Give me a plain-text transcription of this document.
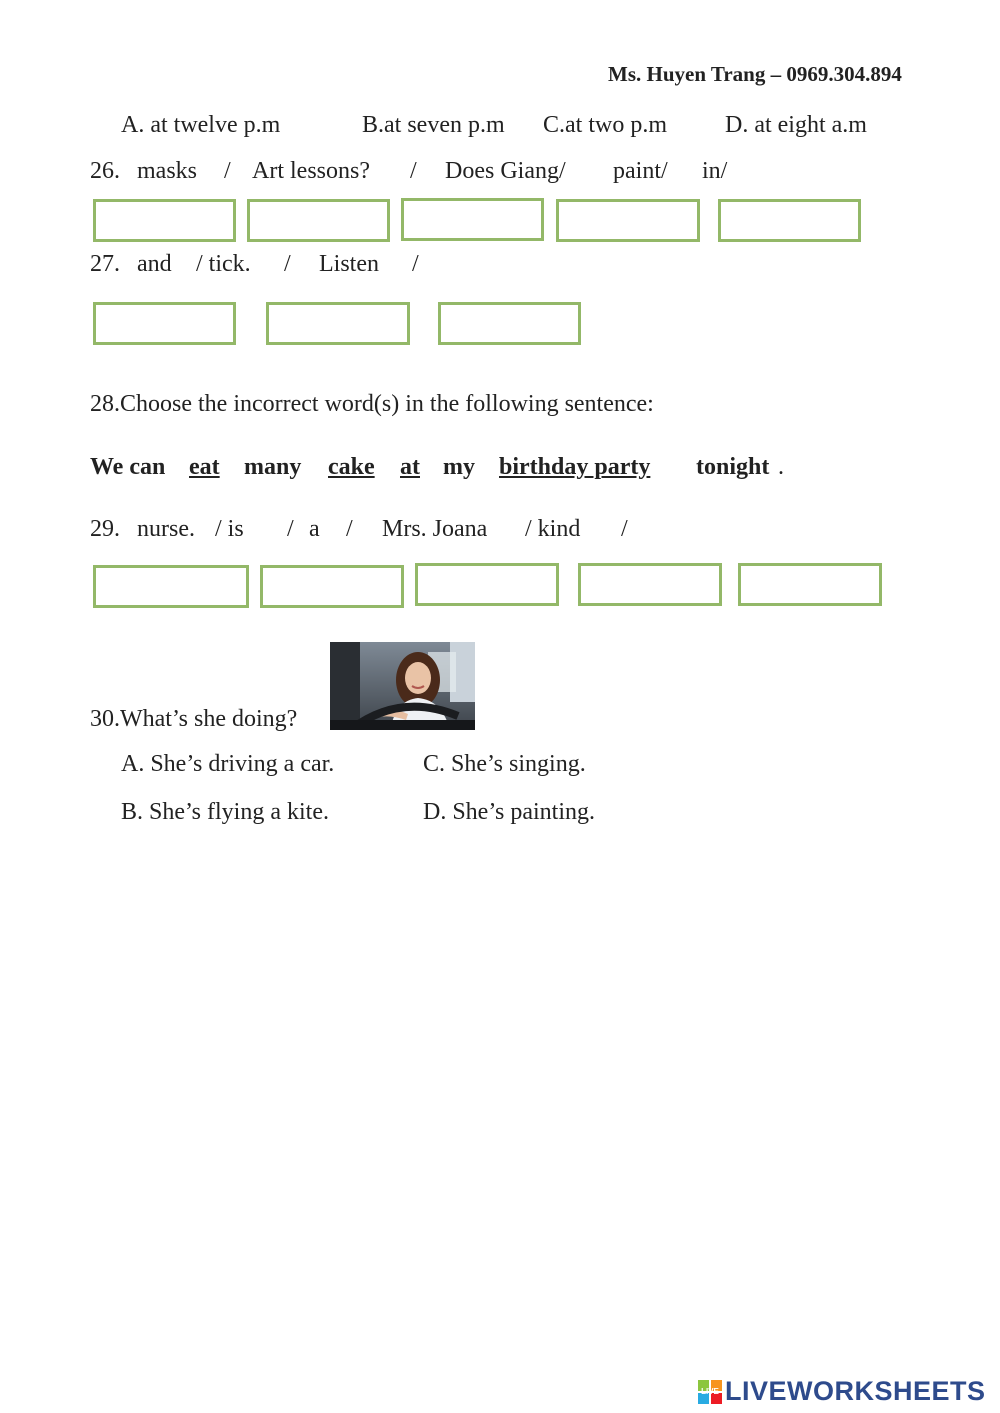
Ms. Huyen Trang – 0969.304.894
A. at twelve p.m	B.at seven p.m C.at two p.m D. at eight a.m
26. masks / Art lessons? / Does Giang/ paint/ in/
27. and / tick. / Listen /
28.Choose the incorrect word(s) in the following sentence:
We can eat many cake at my birthday party tonight .
29. nurse. / is / a / Mrs. Joana / kind /
30.What’s she doing?
A. She’s driving a car.	C. She’s singing.
B. She’s flying a kite.	D. She’s painting.
LIVE LIVEWORKSHEETS
